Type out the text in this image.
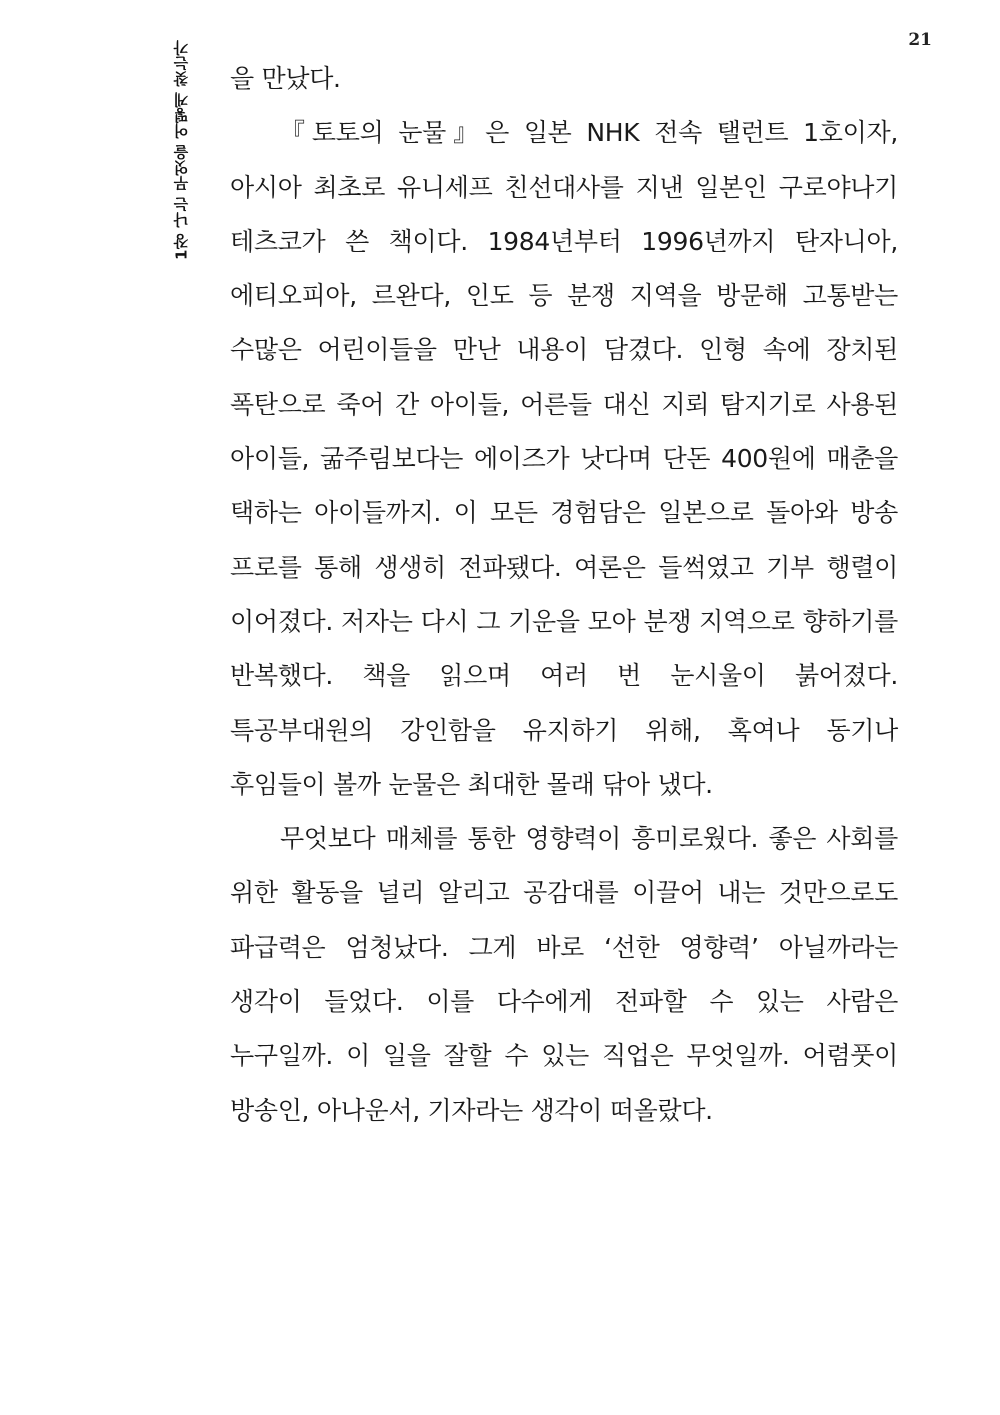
21
1장 나는 무엇을 어떻게 찾는가 을 만났다.

『토토의 눈물』은 일본 NHK 전속 탤런트 1호이자, 아시아 최초로 유니세프 친선대사를 지낸 일본인 구로야나기 테츠코가 쓴 책이다. 1984년부터 1996년까지 탄자니아, 에티오피아, 르완다, 인도 등 분쟁 지역을 방문해 고통받는 수많은 어린이들을 만난 내용이 담겼다. 인형 속에 장치된 폭탄으로 죽어 간 아이들, 어른들 대신 지뢰 탐지기로 사용된 아이들, 굶주림보다는 에이즈가 낫다며 단돈 400원에 매춘을 택하는 아이들까지. 이 모든 경험담은 일본으로 돌아와 방송 프로를 통해 생생히 전파됐다. 여론은 들썩였고 기부 행렬이 이어졌다. 저자는 다시 그 기운을 모아 분쟁 지역으로 향하기를 반복했다. 책을 읽으며 여러 번 눈시울이 붉어졌다. 특공부대원의 강인함을 유지하기 위해, 혹여나 동기나 후임들이 볼까 눈물은 최대한 몰래 닦아 냈다.

무엇보다 매체를 통한 영향력이 흥미로웠다. 좋은 사회를 위한 활동을 널리 알리고 공감대를 이끌어 내는 것만으로도 파급력은 엄청났다. 그게 바로 ‘선한 영향력’ 아닐까라는 생각이 들었다. 이를 다수에게 전파할 수 있는 사람은 누구일까. 이 일을 잘할 수 있는 직업은 무엇일까. 어렴풋이 방송인, 아나운서, 기자라는 생각이 떠올랐다.
